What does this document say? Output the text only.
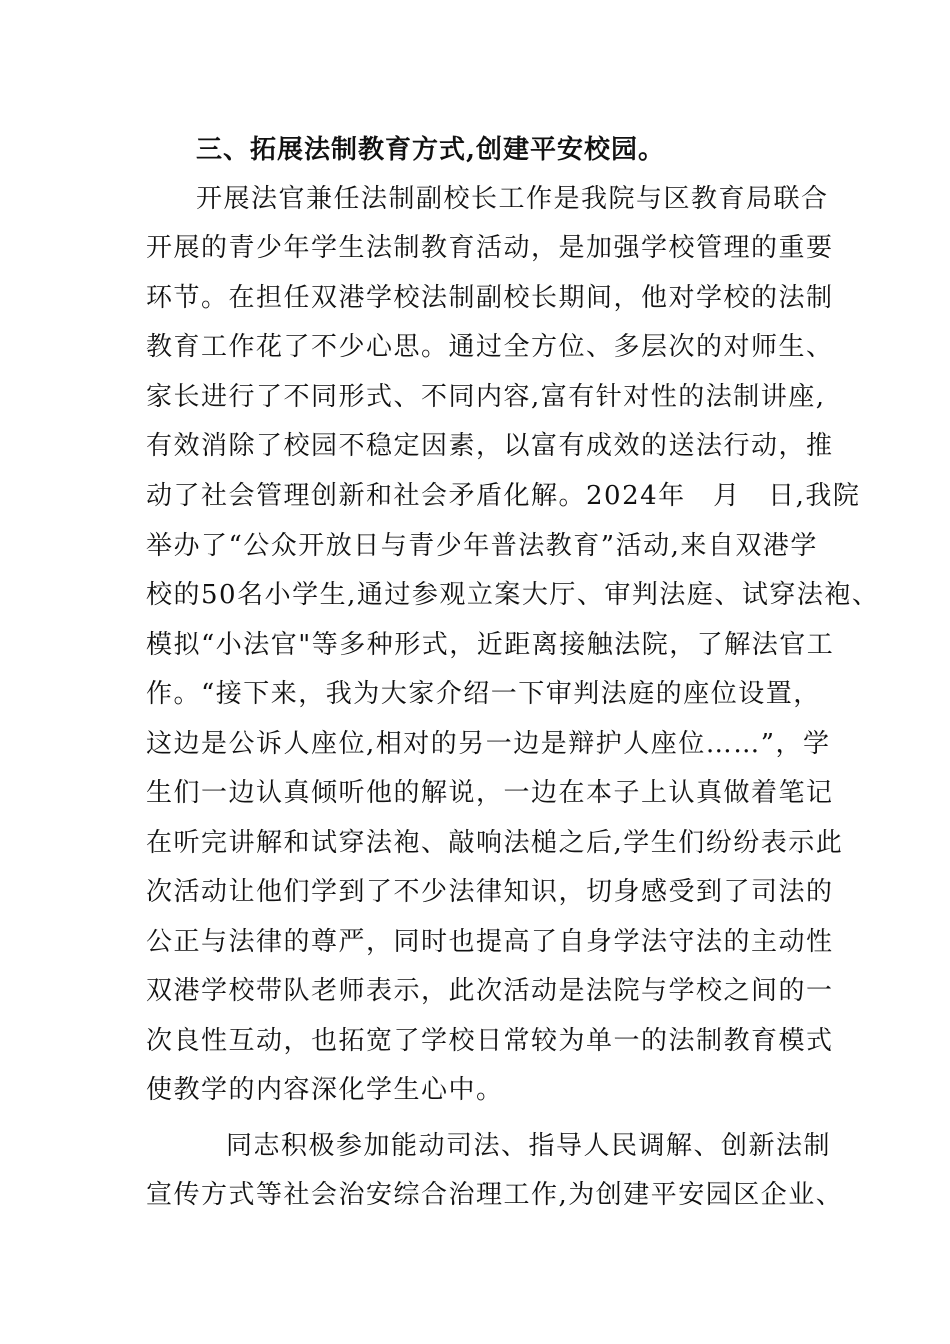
三、拓展法制教育方式,创建平安校园。
开展法官兼任法制副校长工作是我院与区教育局联合
开展的青少年学生法制教育活动，是加强学校管理的重要
环节。在担任双港学校法制副校长期间，他对学校的法制
教育工作花了不少心思。通过全方位、多层次的对师生、
家长进行了不同形式、不同内容,富有针对性的法制讲座,
有效消除了校园不稳定因素，以富有成效的送法行动，推
动了社会管理创新和社会矛盾化解。2024年　月　日,我院
举办了“公众开放日与青少年普法教育”活动,来自双港学
校的50名小学生,通过参观立案大厅、审判法庭、试穿法袍、
模拟“小法官"等多种形式，近距离接触法院，了解法官工
作。“接下来，我为大家介绍一下审判法庭的座位设置，
这边是公诉人座位,相对的另一边是辩护人座位……”，学
生们一边认真倾听他的解说，一边在本子上认真做着笔记
在听完讲解和试穿法袍、敲响法槌之后,学生们纷纷表示此
次活动让他们学到了不少法律知识，切身感受到了司法的
公正与法律的尊严，同时也提高了自身学法守法的主动性
双港学校带队老师表示，此次活动是法院与学校之间的一
次良性互动，也拓宽了学校日常较为单一的法制教育模式
使教学的内容深化学生心中。
同志积极参加能动司法、指导人民调解、创新法制
宣传方式等社会治安综合治理工作,为创建平安园区企业、
